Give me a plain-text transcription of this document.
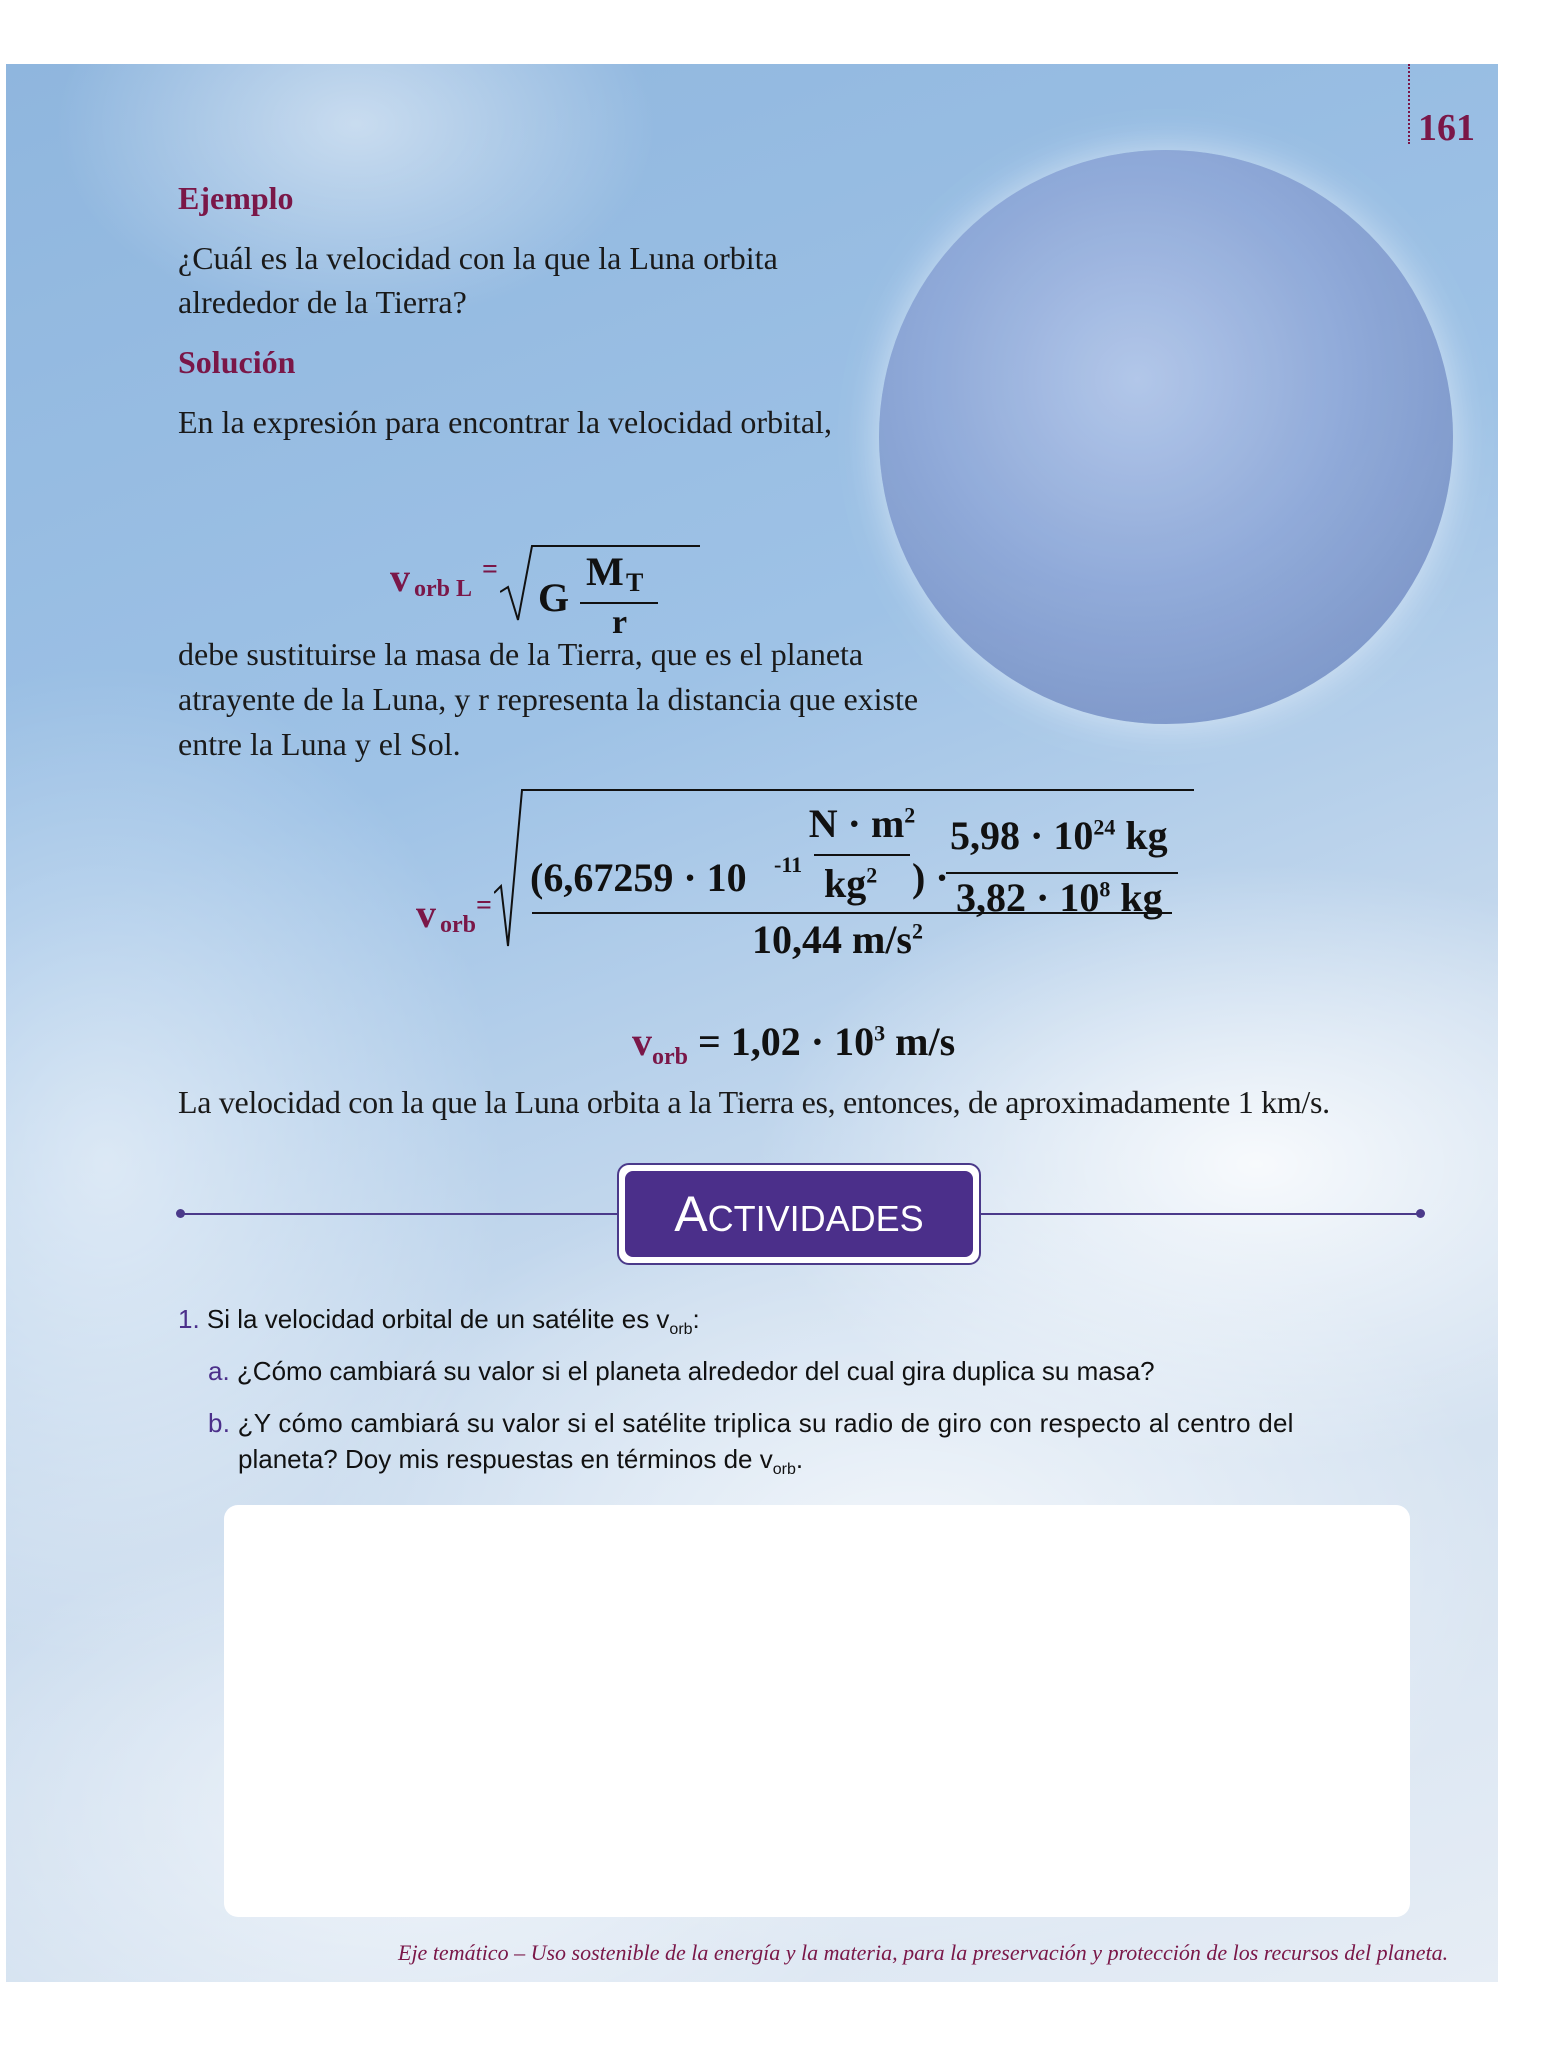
161
Ejemplo
¿Cuál es la velocidad con la que la Luna orbita
alrededor de la Tierra?
Solución
En la expresión para encontrar la velocidad orbital,
v orb L
=
G
M T
r
debe sustituirse la masa de la Tierra, que es el planeta
atrayente de la Luna, y r representa la distancia que existe
entre la Luna y el Sol.
v orb
=
(6,67259 · 10 -11
$N \cdot m^2$
$kg^2$ ) ·
$5,98 \cdot 10^{24}$ kg
$3,82 \cdot 10^8$ kg
10,44 $m/s^2$
$v_{orb} = 1,02 \cdot 10^3$ m/s
La velocidad con la que la Luna orbita a la Tierra es, entonces, de aproximadamente 1 km/s.
ACTIVIDADES
1. Si la velocidad orbital de un satélite es $v_{orb}$:
a. ¿Cómo cambiará su valor si el planeta alrededor del cual gira duplica su masa?
b. ¿Y cómo cambiará su valor si el satélite triplica su radio de giro con respecto al centro del
planeta? Doy mis respuestas en términos de $v_{orb}$.
Eje temático – Uso sostenible de la energía y la materia, para la preservación y protección de los recursos del planeta.
